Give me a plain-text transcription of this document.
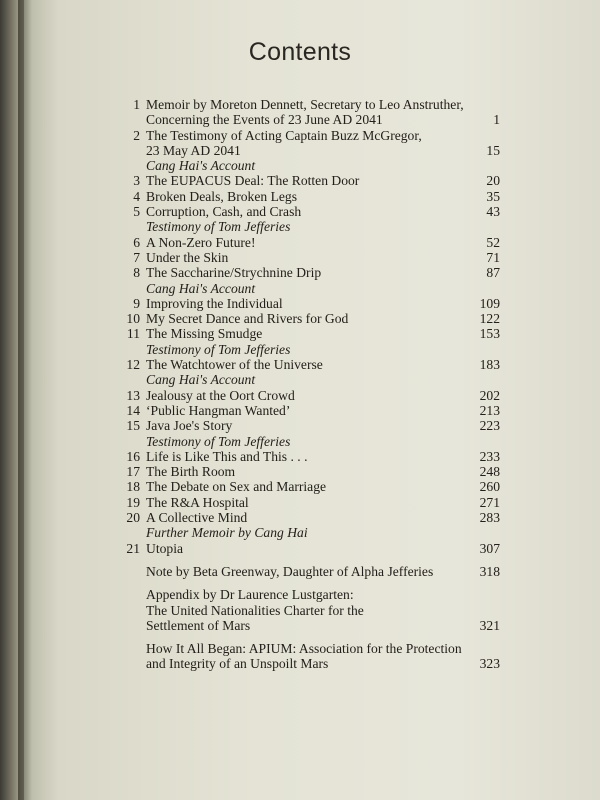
Contents
1 Memoir by Moreton Dennett, Secretary to Leo Anstruther,
Concerning the Events of 23 June AD 2041	1
2 The Testimony of Acting Captain Buzz McGregor,
23 May AD 2041	15
Cang Hai's Account
3 The EUPACUS Deal: The Rotten Door	20
4 Broken Deals, Broken Legs	35
5 Corruption, Cash, and Crash	43
Testimony of Tom Jefferies
6 A Non-Zero Future!	52
7 Under the Skin	71
8 The Saccharine/Strychnine Drip	87
Cang Hai's Account
9 Improving the Individual	109
10 My Secret Dance and Rivers for God	122
11 The Missing Smudge	153
Testimony of Tom Jefferies
12 The Watchtower of the Universe	183
Cang Hai's Account
13 Jealousy at the Oort Crowd	202
14 ‘Public Hangman Wanted’	213
15 Java Joe's Story	223
Testimony of Tom Jefferies
16 Life is Like This and This . . .	233
17 The Birth Room	248
18 The Debate on Sex and Marriage	260
19 The R&A Hospital	271
20 A Collective Mind	283
Further Memoir by Cang Hai
21 Utopia	307
Note by Beta Greenway, Daughter of Alpha Jefferies	318
Appendix by Dr Laurence Lustgarten:
The United Nationalities Charter for the
Settlement of Mars	321
How It All Began: APIUM: Association for the Protection
and Integrity of an Unspoilt Mars	323
